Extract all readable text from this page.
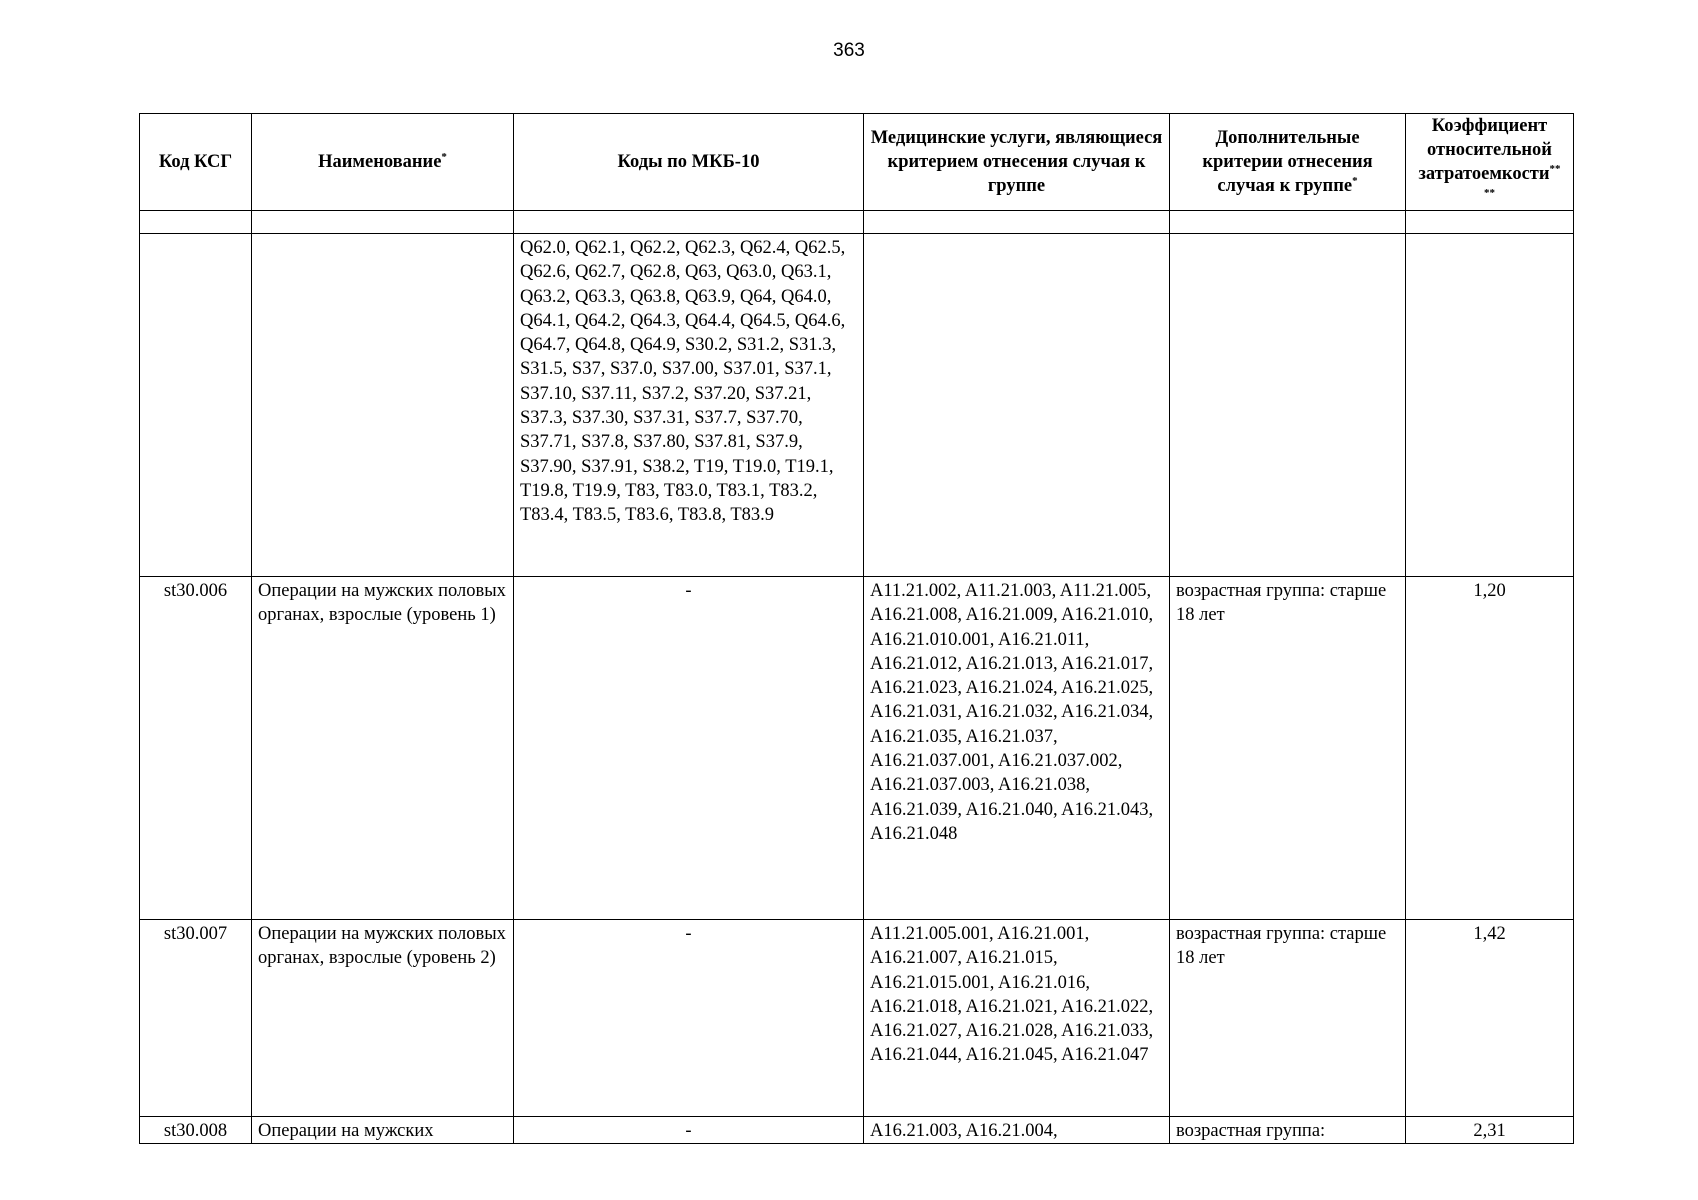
363
Код КСГ	Наименование*	Коды по МКБ-10	Медицинские услуги, являющиеся критерием отнесения случая к группе	Дополнительные критерии отнесения случая к группе*	Коэффициент относительной затратоемкости**
**

		Q62.0, Q62.1, Q62.2, Q62.3, Q62.4, Q62.5, Q62.6, Q62.7, Q62.8, Q63, Q63.0, Q63.1, Q63.2, Q63.3, Q63.8, Q63.9, Q64, Q64.0, Q64.1, Q64.2, Q64.3, Q64.4, Q64.5, Q64.6, Q64.7, Q64.8, Q64.9, S30.2, S31.2, S31.3, S31.5, S37, S37.0, S37.00, S37.01, S37.1, S37.10, S37.11, S37.2, S37.20, S37.21, S37.3, S37.30, S37.31, S37.7, S37.70, S37.71, S37.8, S37.80, S37.81, S37.9, S37.90, S37.91, S38.2, T19, T19.0, T19.1, T19.8, T19.9, T83, T83.0, T83.1, T83.2, T83.4, T83.5, T83.6, T83.8, T83.9			
st30.006	Операции на мужских половых органах, взрослые (уровень 1)	-	A11.21.002, A11.21.003, A11.21.005, A16.21.008, A16.21.009, A16.21.010, A16.21.010.001, A16.21.011, A16.21.012, A16.21.013, A16.21.017, A16.21.023, A16.21.024, A16.21.025, A16.21.031, A16.21.032, A16.21.034, A16.21.035, A16.21.037, A16.21.037.001, A16.21.037.002, A16.21.037.003, A16.21.038, A16.21.039, A16.21.040, A16.21.043, A16.21.048	возрастная группа: старше 18 лет	1,20
st30.007	Операции на мужских половых органах, взрослые (уровень 2)	-	A11.21.005.001, A16.21.001, A16.21.007, A16.21.015, A16.21.015.001, A16.21.016, A16.21.018, A16.21.021, A16.21.022, A16.21.027, A16.21.028, A16.21.033, A16.21.044, A16.21.045, A16.21.047	возрастная группа: старше 18 лет	1,42
st30.008	Операции на мужских	-	A16.21.003, A16.21.004,	возрастная группа:	2,31
